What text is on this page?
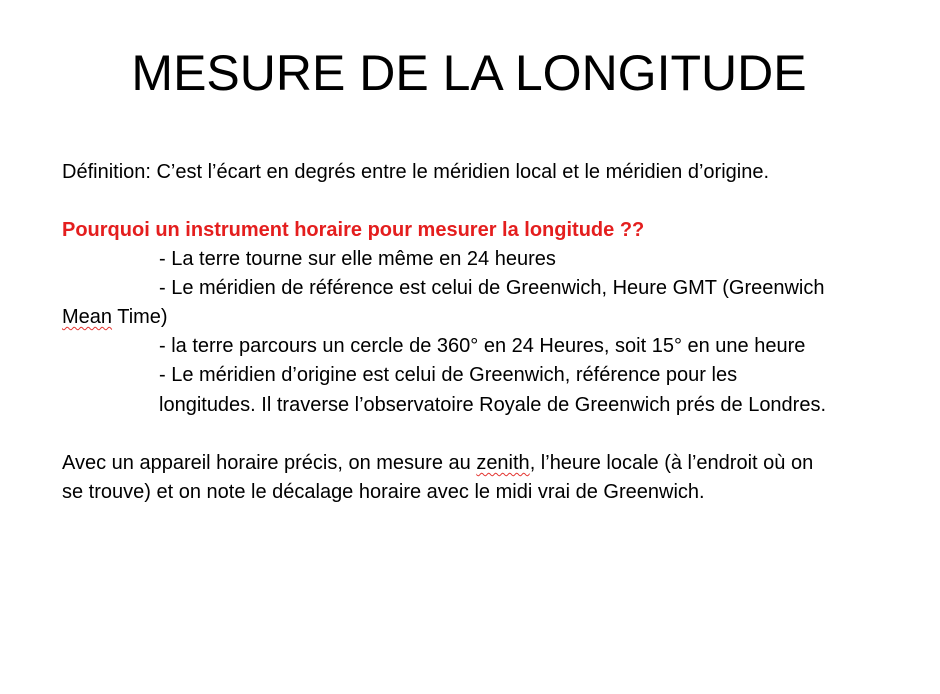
MESURE DE LA LONGITUDE
Définition: C’est l’écart en degrés entre le méridien local et le méridien d’origine.
Pourquoi un instrument horaire pour mesurer la longitude ??
- La terre tourne sur elle même en 24 heures
- Le méridien de référence est celui de Greenwich, Heure GMT (Greenwich
Mean Time)
- la terre parcours un cercle de 360° en 24 Heures, soit 15° en une heure
- Le méridien d’origine est celui de Greenwich, référence pour les
longitudes. Il traverse l’observatoire Royale de Greenwich prés de Londres.
Avec un appareil horaire précis, on mesure au zenith, l’heure locale (à l’endroit où on
se trouve) et on note le décalage horaire avec le midi vrai de Greenwich.
